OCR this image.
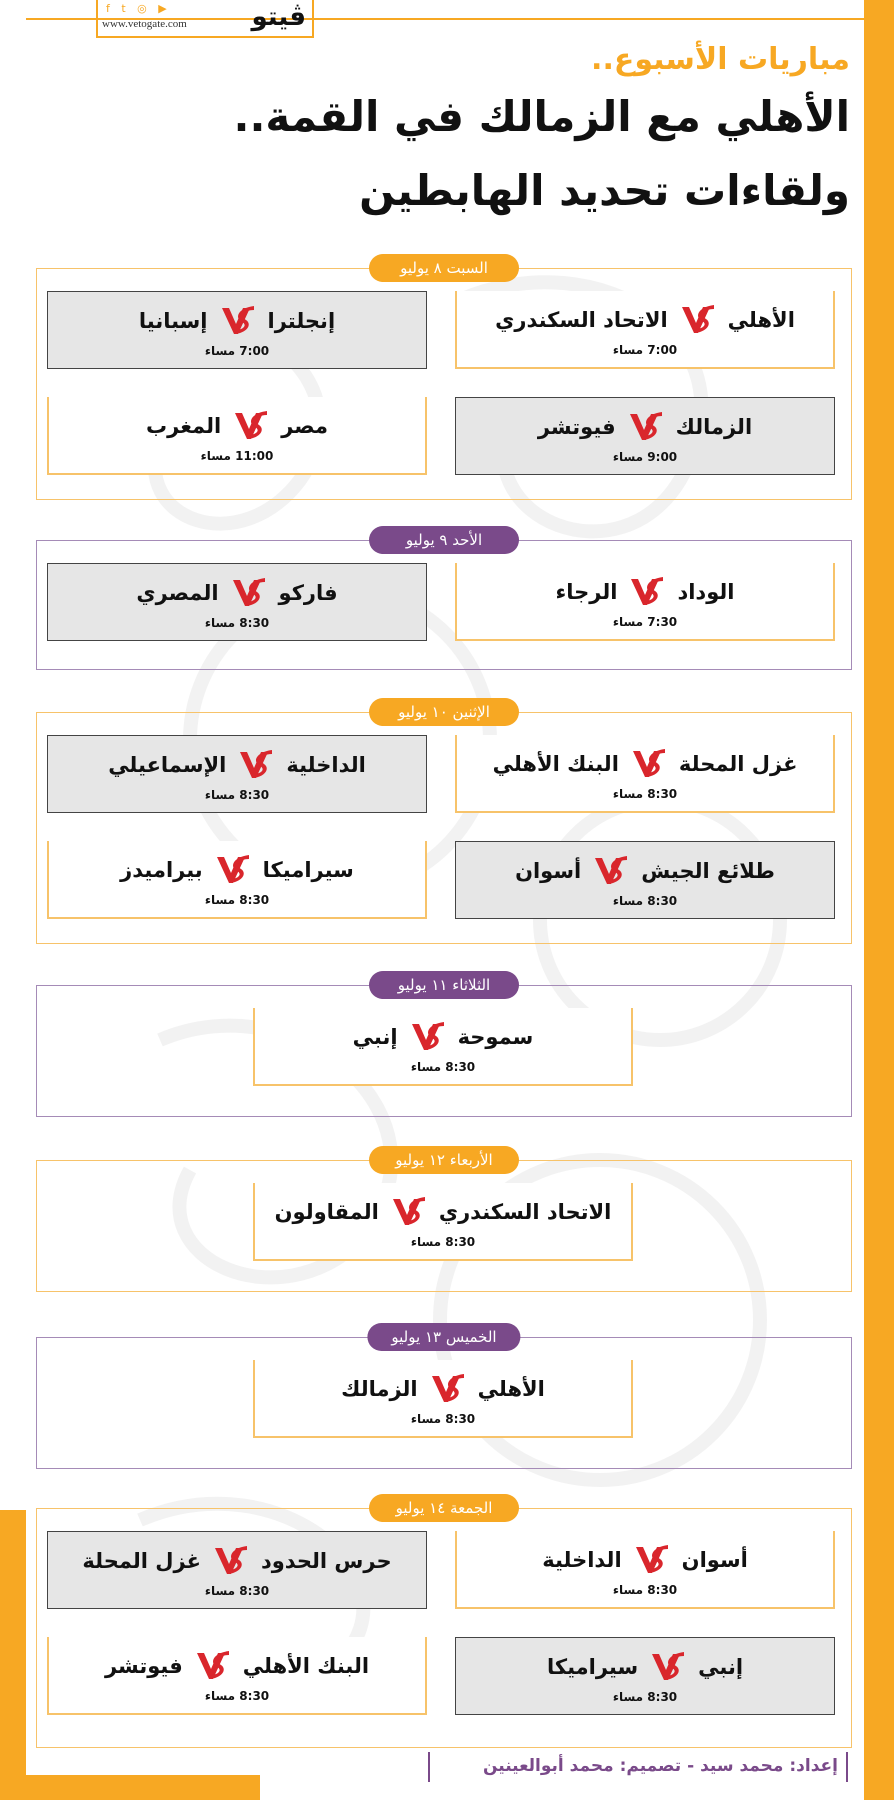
f t ◎ ▶
www.vetogate.com ڤيتو
مباريات الأسبوع..
الأهلي مع الزمالك في القمة..
ولقاءات تحديد الهابطين
السبت ٨ يوليو
الأهلي
الاتحاد السكندري
7:00 مساء
إنجلترا
إسبانيا
7:00 مساء
الزمالك
فيوتشر
9:00 مساء
مصر
المغرب
11:00 مساء
الأحد ٩ يوليو
الوداد
الرجاء
7:30 مساء
فاركو
المصري
8:30 مساء
الإثنين ١٠ يوليو
غزل المحلة
البنك الأهلي
8:30 مساء
الداخلية
الإسماعيلي
8:30 مساء
طلائع الجيش
أسوان
8:30 مساء
سيراميكا
بيراميدز
8:30 مساء
الثلاثاء ١١ يوليو
سموحة
إنبي
8:30 مساء
الأربعاء ١٢ يوليو
الاتحاد السكندري
المقاولون
8:30 مساء
الخميس ١٣ يوليو
الأهلي
الزمالك
8:30 مساء
الجمعة ١٤ يوليو
أسوان
الداخلية
8:30 مساء
حرس الحدود
غزل المحلة
8:30 مساء
إنبي
سيراميكا
8:30 مساء
البنك الأهلي
فيوتشر
8:30 مساء
إعداد: محمد سيد - تصميم: محمد أبوالعينين
